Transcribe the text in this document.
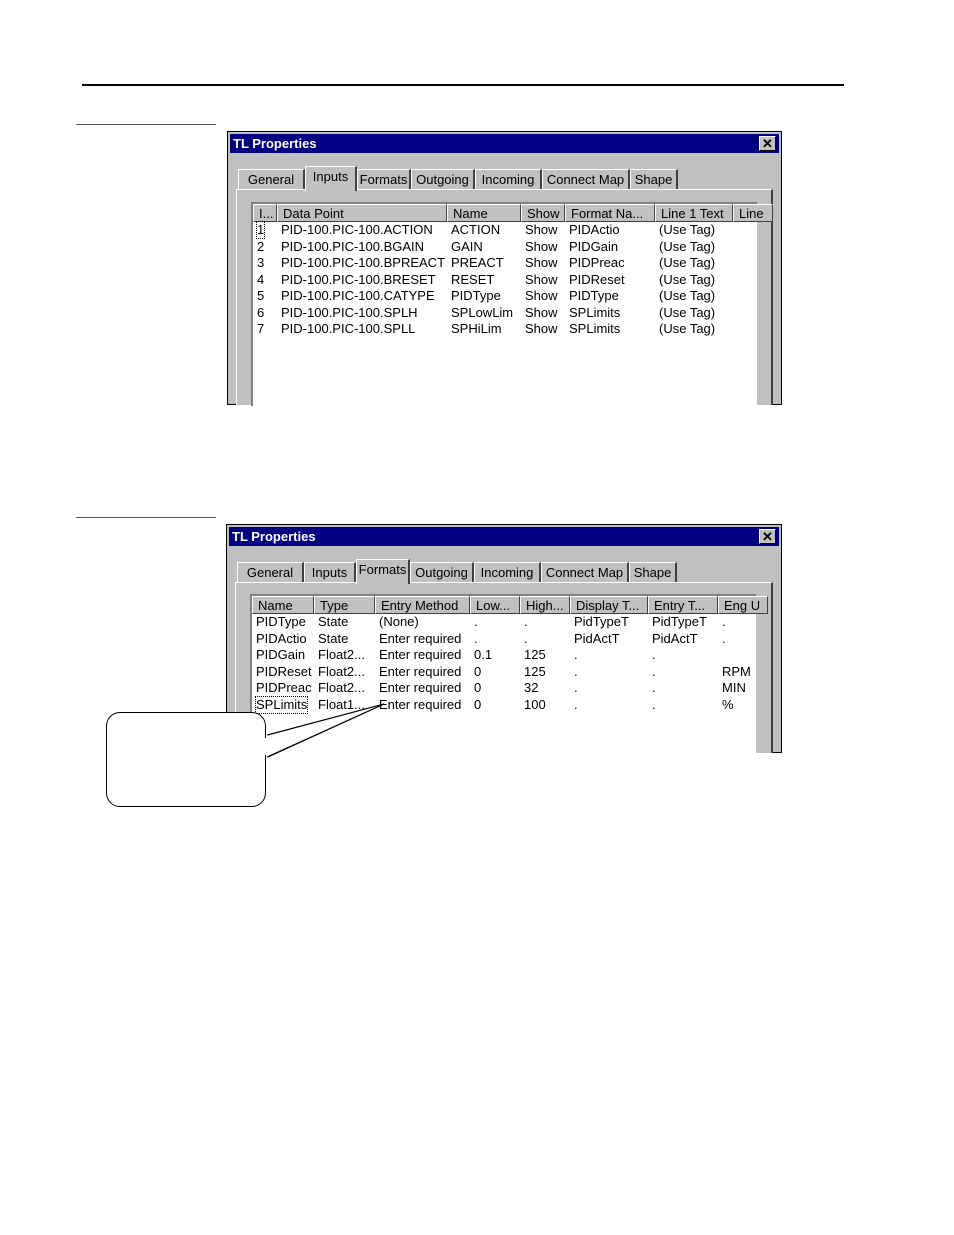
TL Properties	✕
General	Inputs Formats Outgoing Incoming Connect Map Shape
I... Data Point	Name	Show Format Na...	Line 1 Text	Line
1 PID-100.PIC-100.ACTION ACTION Show PIDActio	(Use Tag)
2 PID-100.PIC-100.BGAIN GAIN	Show PIDGain	(Use Tag)
3 PID-100.PIC-100.BPREACT PREACT Show PIDPreac	(Use Tag)
4 PID-100.PIC-100.BRESET RESET Show PIDReset	(Use Tag)
5 PID-100.PIC-100.CATYPE PIDType Show PIDType	(Use Tag)
6 PID-100.PIC-100.SPLH	SPLowLim Show SPLimits	(Use Tag)
7 PID-100.PIC-100.SPLL	SPHiLim Show SPLimits	(Use Tag)
TL Properties	✕
General	Inputs Formats Outgoing Incoming Connect Map Shape
Name	Type	Entry Method	Low...	High... Display T...	Entry T...	Eng U
PIDType State (None)	.	.	PidTypeT PidTypeT .
PIDActio State Enter required .	.	PidActT PidActT .
PIDGain Float2... Enter required 0.1 125 .	.
PIDReset Float2... Enter required 0	125 .	.	RPM
PIDPreac Float2... Enter required 0	32	.	.	MIN
SPLimits Float1... Enter required 0	100 .	.	%
